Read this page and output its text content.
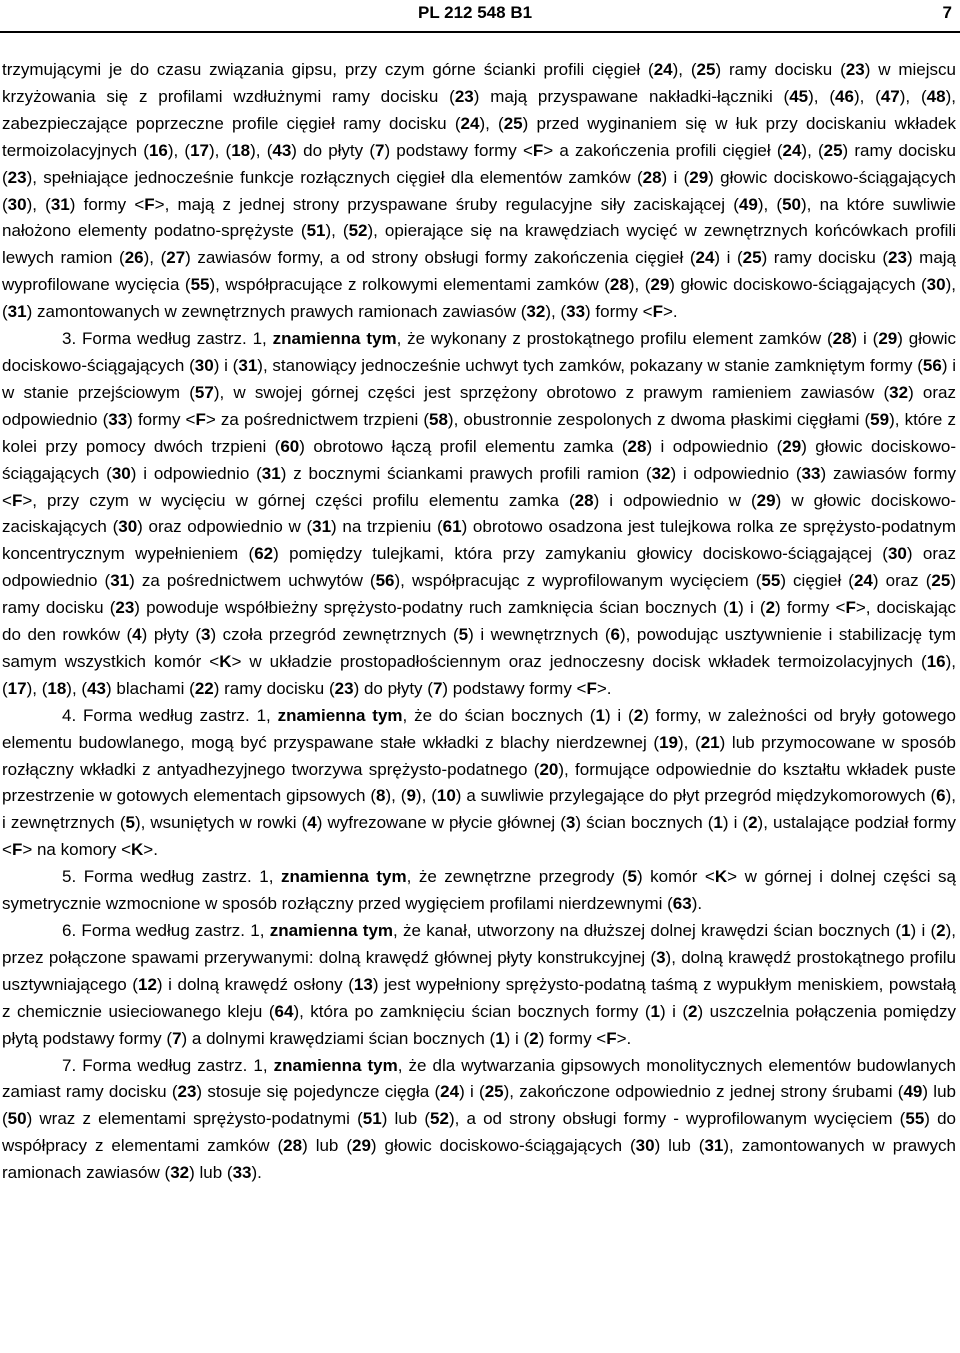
PL 212 548 B1	7

trzymującymi je do czasu związania gipsu, przy czym górne ścianki profili cięgieł (24), (25) ramy docisku (23) w miejscu krzyżowania się z profilami wzdłużnymi ramy docisku (23) mają przyspawane nakładki-łączniki (45), (46), (47), (48), zabezpieczające poprzeczne profile cięgieł ramy docisku (24), (25) przed wyginaniem się w łuk przy dociskaniu wkładek termoizolacyjnych (16), (17), (18), (43) do płyty (7) podstawy formy <F> a zakończenia profili cięgieł (24), (25) ramy docisku (23), spełniające jednocześnie funkcje rozłącznych cięgieł dla elementów zamków (28) i (29) głowic dociskowo-ściągających (30), (31) formy <F>, mają z jednej strony przyspawane śruby regulacyjne siły zaciskającej (49), (50), na które suwliwie nałożono elementy podatno-sprężyste (51), (52), opierające się na krawędziach wycięć w zewnętrznych końcówkach profili lewych ramion (26), (27) zawiasów formy, a od strony obsługi formy zakończenia cięgieł (24) i (25) ramy docisku (23) mają wyprofilowane wycięcia (55), współpracujące z rolkowymi elementami zamków (28), (29) głowic dociskowo-ściągających (30), (31) zamontowanych w zewnętrznych prawych ramionach zawiasów (32), (33) formy <F>.

3. Forma według zastrz. 1, znamienna tym, że wykonany z prostokątnego profilu element zamków (28) i (29) głowic dociskowo-ściągających (30) i (31), stanowiący jednocześnie uchwyt tych zamków, pokazany w stanie zamkniętym formy (56) i w stanie przejściowym (57), w swojej górnej części jest sprzężony obrotowo z prawym ramieniem zawiasów (32) oraz odpowiednio (33) formy <F> za pośrednictwem trzpieni (58), obustronnie zespolonych z dwoma płaskimi cięgłami (59), które z kolei przy pomocy dwóch trzpieni (60) obrotowo łączą profil elementu zamka (28) i odpowiednio (29) głowic dociskowo-ściągających (30) i odpowiednio (31) z bocznymi ściankami prawych profili ramion (32) i odpowiednio (33) zawiasów formy <F>, przy czym w wycięciu w górnej części profilu elementu zamka (28) i odpowiednio w (29) w głowic dociskowo-zaciskających (30) oraz odpowiednio w (31) na trzpieniu (61) obrotowo osadzona jest tulejkowa rolka ze sprężysto-podatnym koncentrycznym wypełnieniem (62) pomiędzy tulejkami, która przy zamykaniu głowicy dociskowo-ściągającej (30) oraz odpowiednio (31) za pośrednictwem uchwytów (56), współpracując z wyprofilowanym wycięciem (55) cięgieł (24) oraz (25) ramy docisku (23) powoduje współbieżny sprężysto-podatny ruch zamknięcia ścian bocznych (1) i (2) formy <F>, dociskając do den rowków (4) płyty (3) czoła przegród zewnętrznych (5) i wewnętrznych (6), powodując usztywnienie i stabilizację tym samym wszystkich komór <K> w układzie prostopadłościennym oraz jednoczesny docisk wkładek termoizolacyjnych (16), (17), (18), (43) blachami (22) ramy docisku (23) do płyty (7) podstawy formy <F>.

4. Forma według zastrz. 1, znamienna tym, że do ścian bocznych (1) i (2) formy, w zależności od bryły gotowego elementu budowlanego, mogą być przyspawane stałe wkładki z blachy nierdzewnej (19), (21) lub przymocowane w sposób rozłączny wkładki z antyadhezyjnego tworzywa sprężysto-podatnego (20), formujące odpowiednie do kształtu wkładek puste przestrzenie w gotowych elementach gipsowych (8), (9), (10) a suwliwie przylegające do płyt przegród międzykomorowych (6), i zewnętrznych (5), wsuniętych w rowki (4) wyfrezowane w płycie głównej (3) ścian bocznych (1) i (2), ustalające podział formy <F> na komory <K>.

5. Forma według zastrz. 1, znamienna tym, że zewnętrzne przegrody (5) komór <K> w górnej i dolnej części są symetrycznie wzmocnione w sposób rozłączny przed wygięciem profilami nierdzewnymi (63).

6. Forma według zastrz. 1, znamienna tym, że kanał, utworzony na dłuższej dolnej krawędzi ścian bocznych (1) i (2), przez połączone spawami przerywanymi: dolną krawędź głównej płyty konstrukcyjnej (3), dolną krawędź prostokątnego profilu usztywniającego (12) i dolną krawędź osłony (13) jest wypełniony sprężysto-podatną taśmą z wypukłym meniskiem, powstałą z chemicznie usieciowanego kleju (64), która po zamknięciu ścian bocznych formy (1) i (2) uszczelnia połączenia pomiędzy płytą podstawy formy (7) a dolnymi krawędziami ścian bocznych (1) i (2) formy <F>.

7. Forma według zastrz. 1, znamienna tym, że dla wytwarzania gipsowych monolitycznych elementów budowlanych zamiast ramy docisku (23) stosuje się pojedyncze cięgła (24) i (25), zakończone odpowiednio z jednej strony śrubami (49) lub (50) wraz z elementami sprężysto-podatnymi (51) lub (52), a od strony obsługi formy - wyprofilowanym wycięciem (55) do współpracy z elementami zamków (28) lub (29) głowic dociskowo-ściągających (30) lub (31), zamontowanych w prawych ramionach zawiasów (32) lub (33).
